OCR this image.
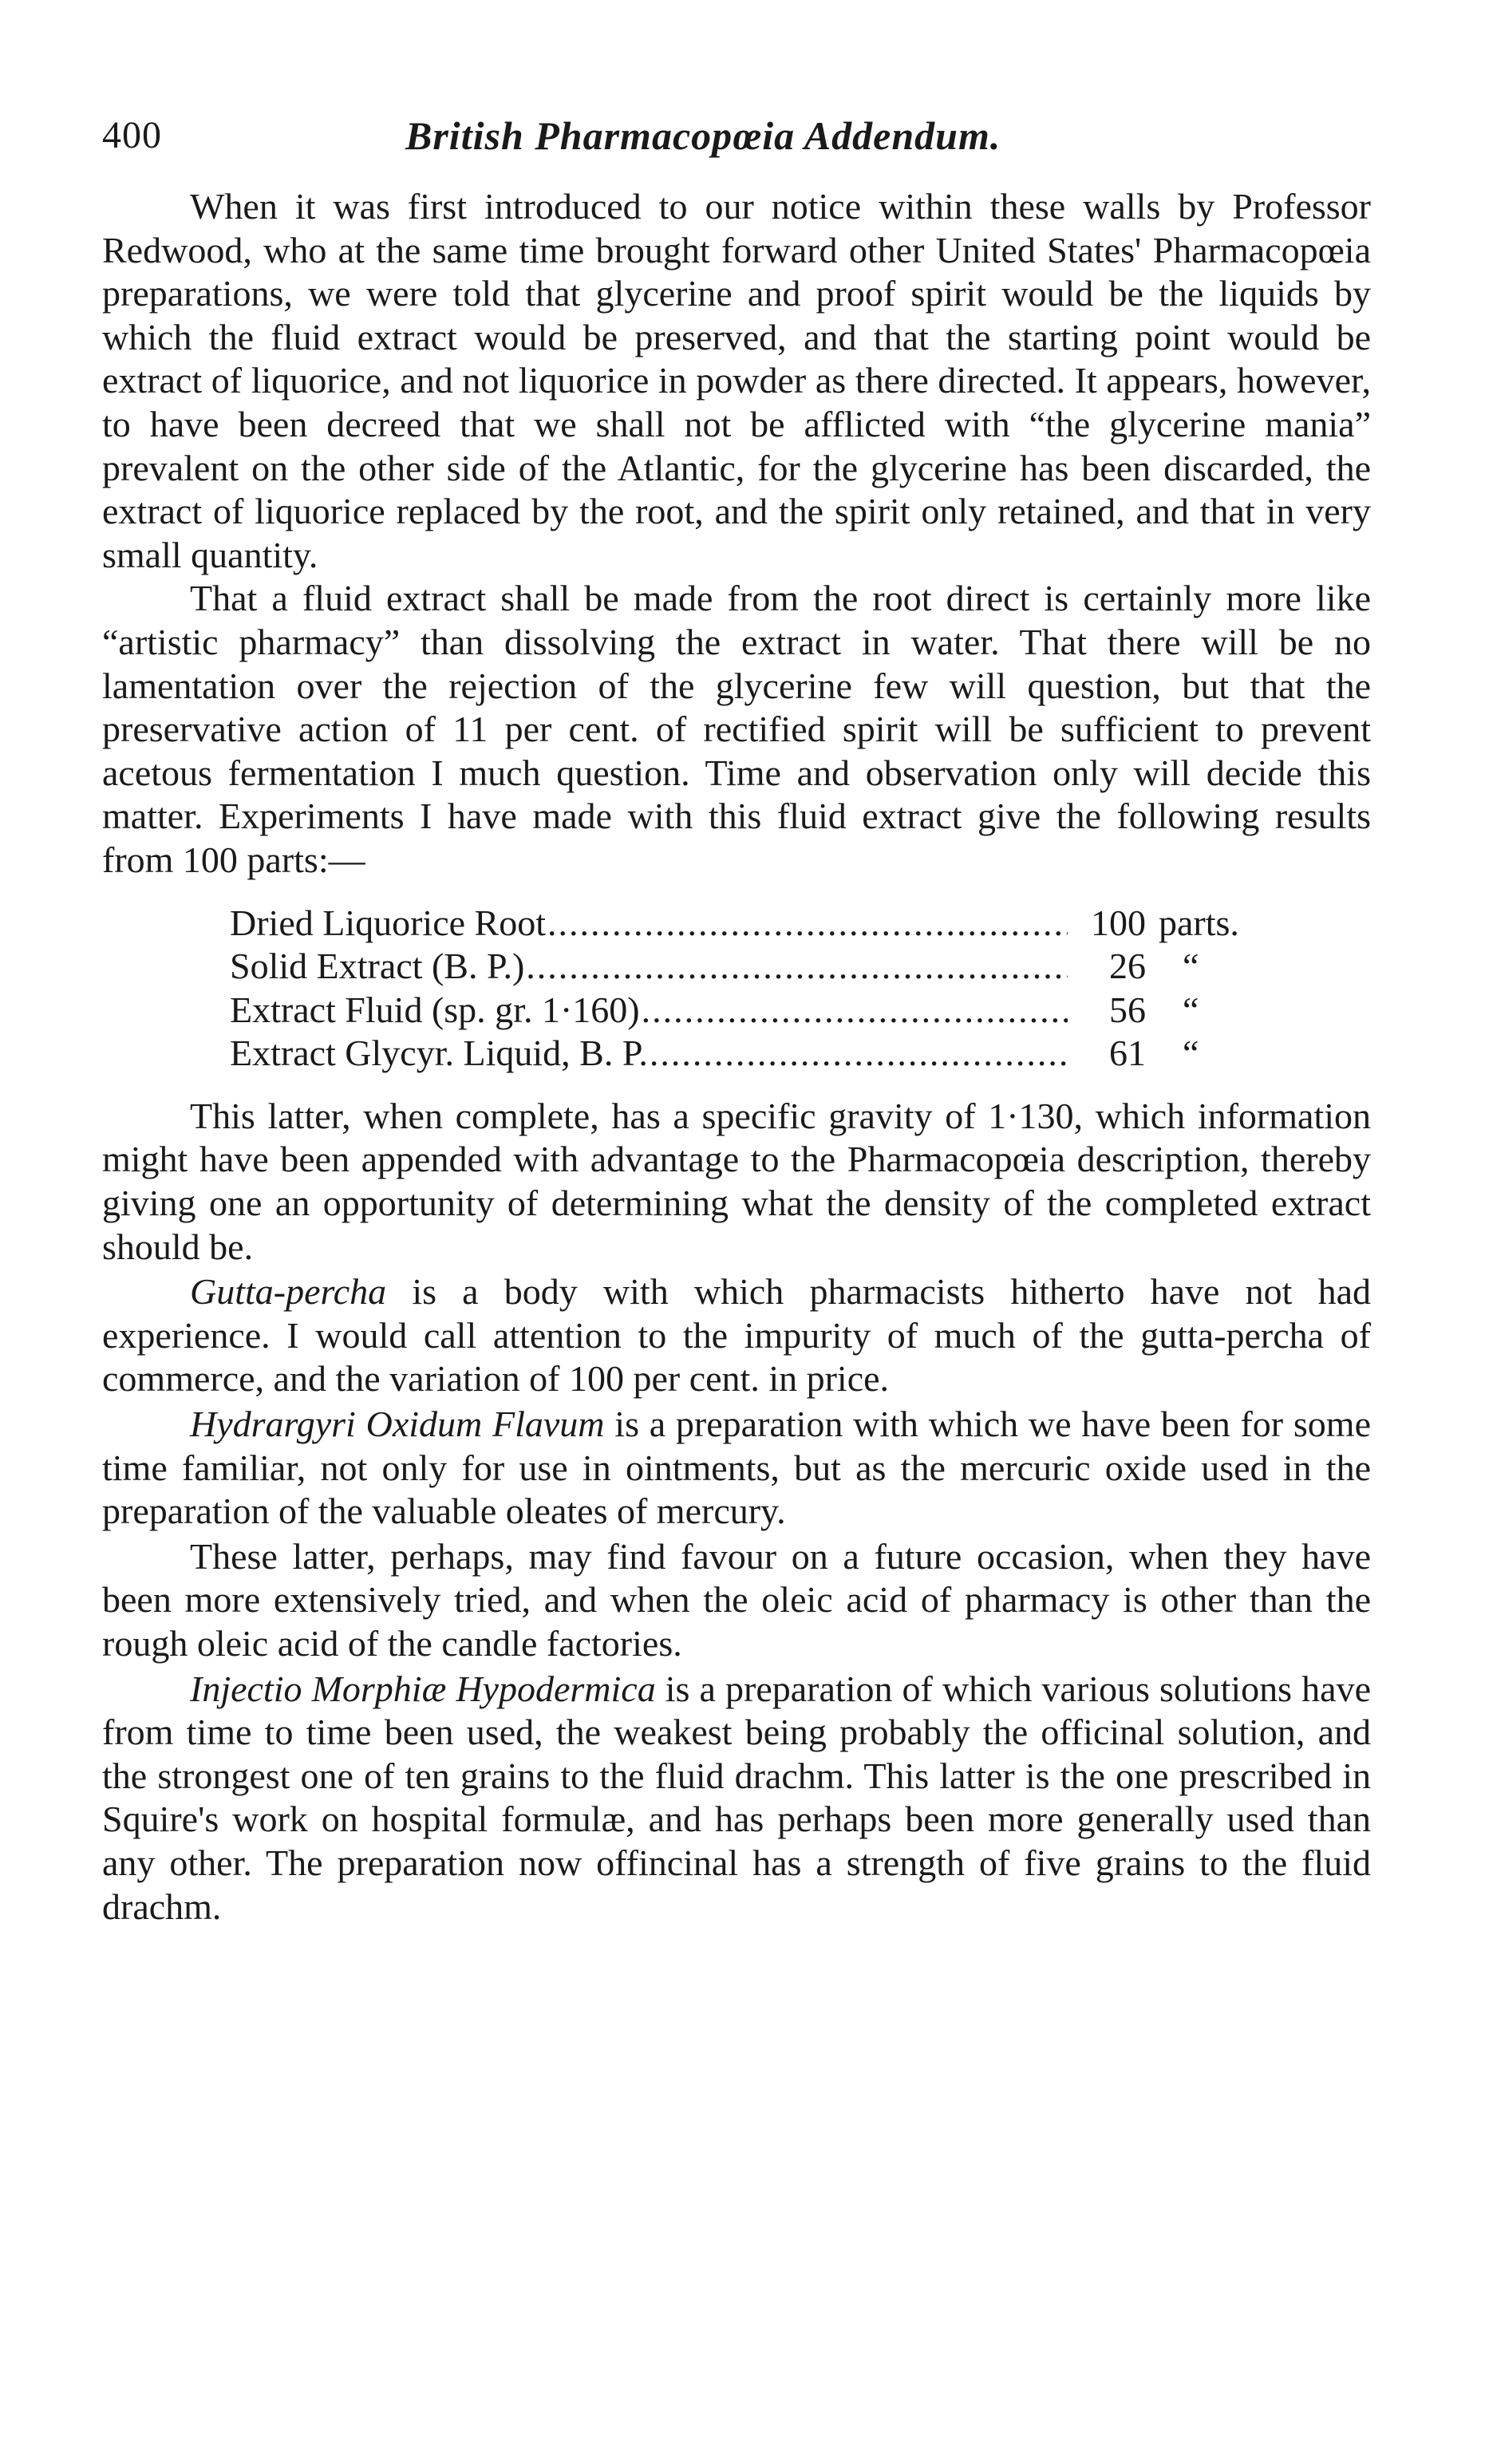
400	British Pharmacopœia Addendum.

When it was first introduced to our notice within these walls by Professor Redwood, who at the same time brought forward other United States' Pharmacopœia preparations, we were told that glycerine and proof spirit would be the liquids by which the fluid extract would be preserved, and that the starting point would be extract of liquorice, and not liquorice in powder as there directed. It appears, however, to have been decreed that we shall not be afflicted with “the glycerine mania” prevalent on the other side of the Atlantic, for the glycerine has been discarded, the extract of liquorice replaced by the root, and the spirit only retained, and that in very small quantity.

That a fluid extract shall be made from the root direct is certainly more like “artistic pharmacy” than dissolving the extract in water. That there will be no lamentation over the rejection of the glycerine few will question, but that the preservative action of 11 per cent. of rectified spirit will be sufficient to prevent acetous fermentation I much question. Time and observation only will decide this matter. Experiments I have made with this fluid extract give the following results from 100 parts:—

Dried Liquorice Root .....	100 parts.
Solid Extract (B. P.) .....	26	“
Extract Fluid (sp. gr. 1·160) .....	56	“
Extract Glycyr. Liquid, B. P. .....	61	“

This latter, when complete, has a specific gravity of 1·130, which information might have been appended with advantage to the Pharmacopœia description, thereby giving one an opportunity of determining what the density of the completed extract should be.

Gutta-percha is a body with which pharmacists hitherto have not had experience. I would call attention to the impurity of much of the gutta-percha of commerce, and the variation of 100 per cent. in price.

Hydrargyri Oxidum Flavum is a preparation with which we have been for some time familiar, not only for use in ointments, but as the mercuric oxide used in the preparation of the valuable oleates of mercury.

These latter, perhaps, may find favour on a future occasion, when they have been more extensively tried, and when the oleic acid of pharmacy is other than the rough oleic acid of the candle factories.

Injectio Morphiæ Hypodermica is a preparation of which various solutions have from time to time been used, the weakest being probably the officinal solution, and the strongest one of ten grains to the fluid drachm. This latter is the one prescribed in Squire's work on hospital formulæ, and has perhaps been more generally used than any other. The preparation now offincinal has a strength of five grains to the fluid drachm.
